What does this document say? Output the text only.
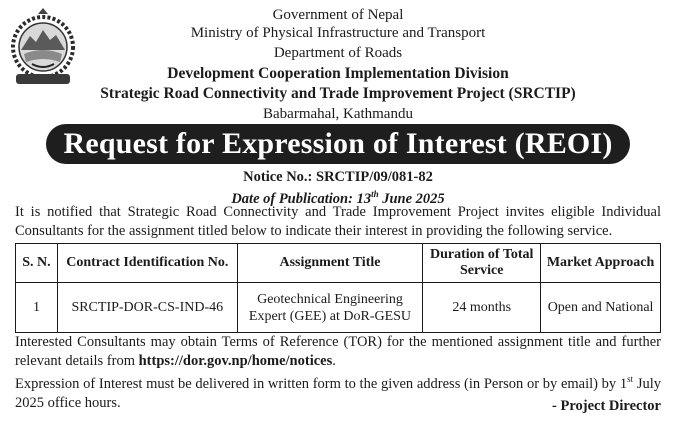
Government of Nepal
Ministry of Physical Infrastructure and Transport
Department of Roads
Development Cooperation Implementation Division
Strategic Road Connectivity and Trade Improvement Project (SRCTIP)
Babarmahal, Kathmandu
Request for Expression of Interest (REOI)
Notice No.: SRCTIP/09/081-82
Date of Publication: 13th June 2025
It is notified that Strategic Road Connectivity and Trade Improvement Project invites eligible Individual Consultants for the assignment titled below to indicate their interest in providing the following service.
S. N.	Contract Identification No.	Assignment Title	Duration of Total Service	Market Approach
1	SRCTIP-DOR-CS-IND-46	Geotechnical Engineering Expert (GEE) at DoR-GESU	24 months	Open and National
Interested Consultants may obtain Terms of Reference (TOR) for the mentioned assignment title and further relevant details from https://dor.gov.np/home/notices.
Expression of Interest must be delivered in written form to the given address (in Person or by email) by 1st July 2025 office hours.	- Project Director
